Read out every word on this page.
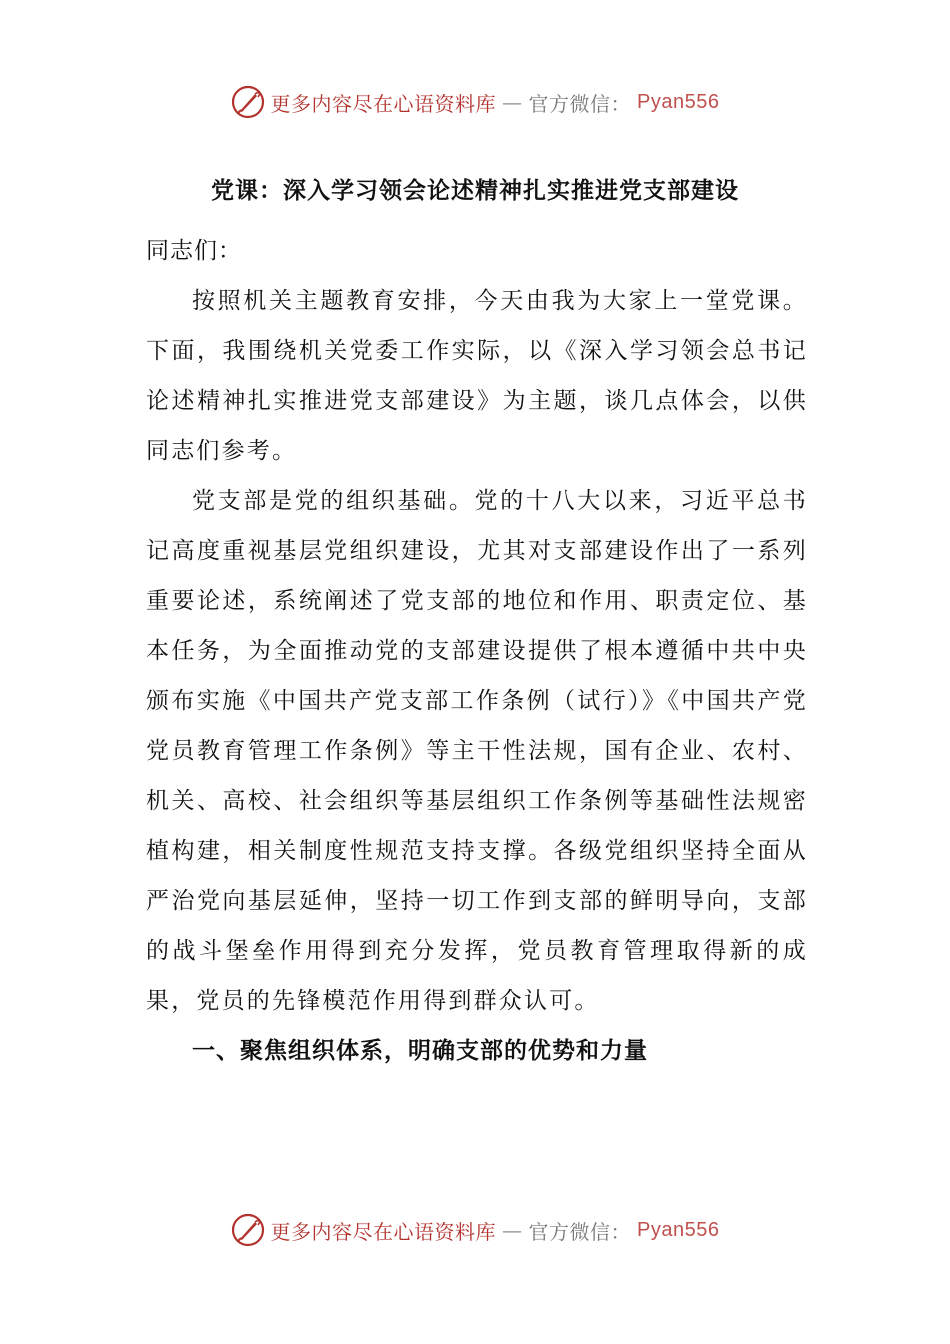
更多内容尽在心语资料库 — 官方微信： Pyan556
党课：深入学习领会论述精神扎实推进党支部建设

同志们：

按照机关主题教育安排，今天由我为大家上一堂党课。下面，我围绕机关党委工作实际，以《深入学习领会总书记论述精神扎实推进党支部建设》为主题，谈几点体会，以供同志们参考。

党支部是党的组织基础。党的十八大以来，习近平总书记高度重视基层党组织建设，尤其对支部建设作出了一系列重要论述，系统阐述了党支部的地位和作用、职责定位、基本任务，为全面推动党的支部建设提供了根本遵循中共中央颁布实施《中国共产党支部工作条例（试行）》《中国共产党党员教育管理工作条例》等主干性法规，国有企业、农村、机关、高校、社会组织等基层组织工作条例等基础性法规密植构建，相关制度性规范支持支撑。各级党组织坚持全面从严治党向基层延伸，坚持一切工作到支部的鲜明导向，支部的战斗堡垒作用得到充分发挥，党员教育管理取得新的成果，党员的先锋模范作用得到群众认可。

一、聚焦组织体系，明确支部的优势和力量

更多内容尽在心语资料库 — 官方微信： Pyan556
